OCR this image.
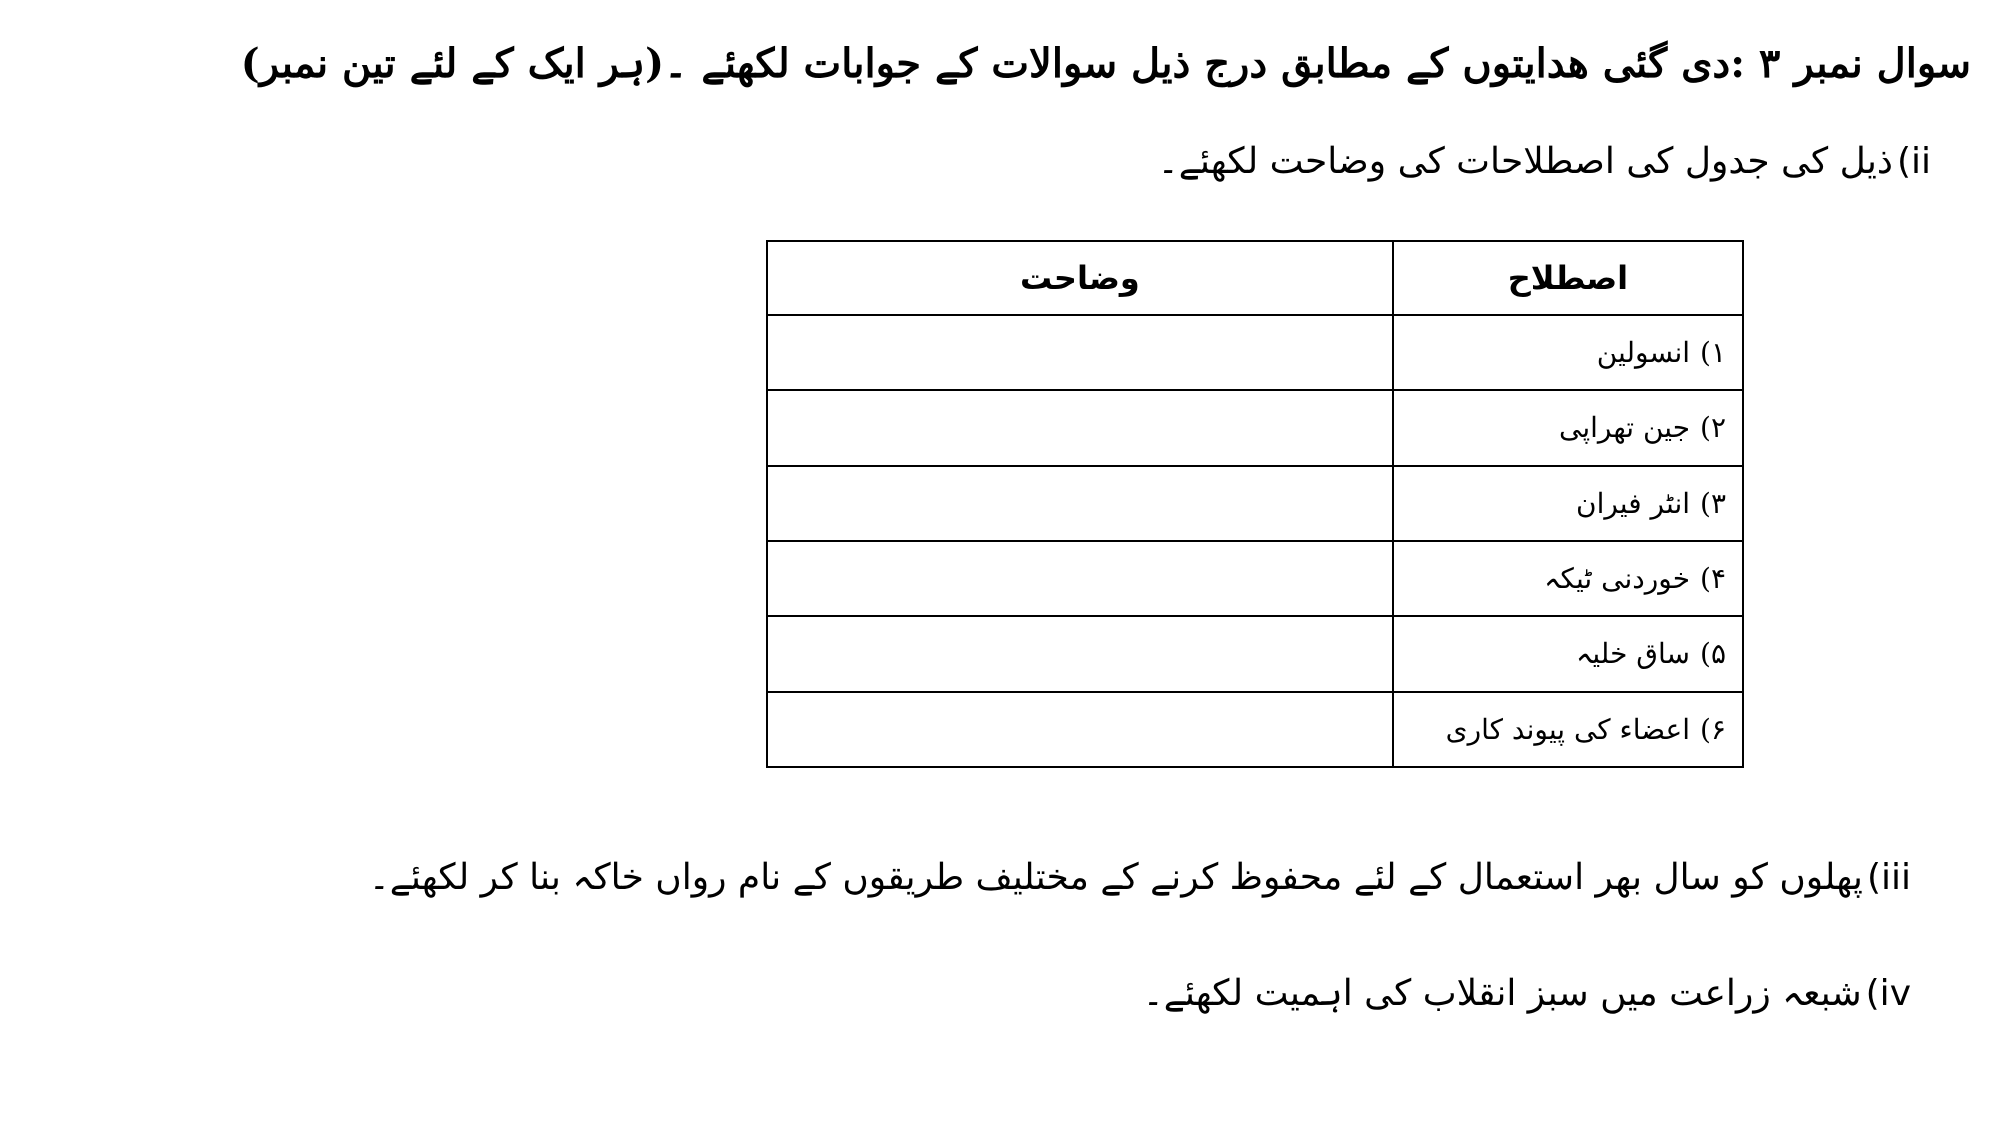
سوال نمبر ۳ :دی گئی ھدایتوں کے مطابق درج ذیل سوالات کے جوابات لکھئے ۔(ہر ایک کے لئے تین نمبر)
(iiذیل کی جدول کی اصطلاحات کی وضاحت لکھئے۔
اصطلاح	وضاحت
۱)انسولین	
۲)جین تھراپی	
۳)انٹر فیران	
۴)خوردنی ٹیکہ	
۵)ساق خلیہ	
۶)اعضاء کی پیوند کاری	
(iiiپھلوں کو سال بھر استعمال کے لئے محفوظ کرنے کے مختلیف طریقوں کے نام رواں خاکہ بنا کر لکھئے۔
(ivشبعہ زراعت میں سبز انقلاب کی اہمیت لکھئے۔
